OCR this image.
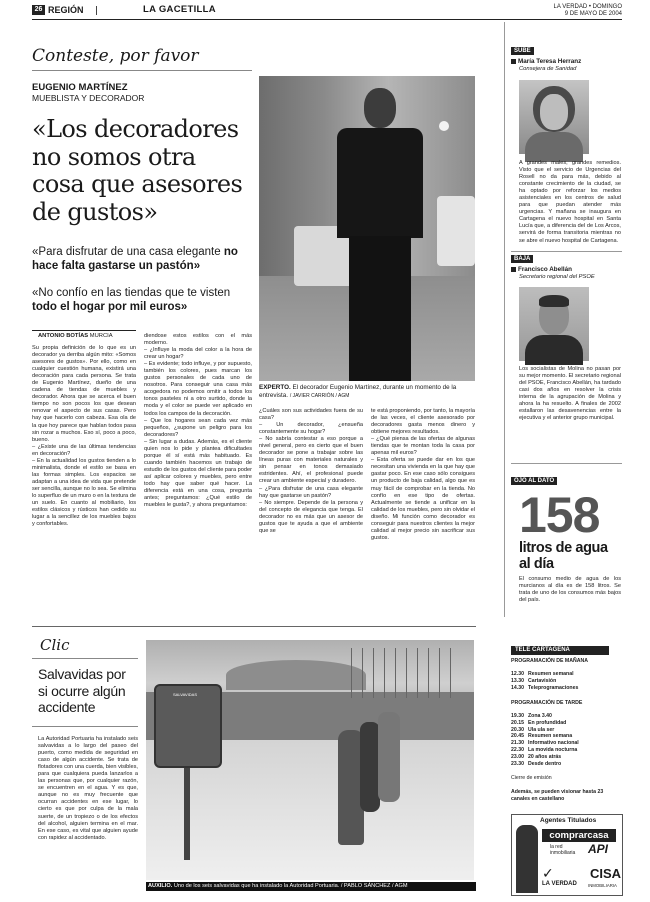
26 REGIÓN	LA GACETILLA	LA VERDAD • DOMINGO
9 DE MAYO DE 2004
Conteste, por favor
EUGENIO MARTÍNEZ
MUEBLISTA Y DECORADOR
«Los decoradores no somos otra cosa que asesores de gustos»
«Para disfrutar de una casa elegante no hace falta gastarse un pastón»
«No confío en las tiendas que te visten todo el hogar por mil euros»
ANTONIO BOTÍAS MURCIA
Su propia definición de lo que es un decorador ya derriba algún mito: «Somos asesores de gustos». Por ello, como en cualquier cuestión humana, existirá una decoración para cada persona. Se trata de Eugenio Martínez, dueño de una cadena de tiendas de muebles y decorador. Ahora que se acerca el buen tiempo no son pocos los que desean renovar el aspecto de sus casas. Pero hay que hacerlo con cabeza. Esa ola de la que hoy parece que hablan todos pasa sin rozar a muchos. Eso sí, poco a poco, bueno.
– ¿Existe una de las últimas tendencias en decoración?
– En la actualidad los gustos tienden a lo minimalista, donde el estilo se basa en las formas simples. Los espacios se adaptan a una idea de vida que pretende ser sencilla, aunque no lo sea. Se elimina lo superfluo de un muro o en la textura de un suelo. En cuanto al mobiliario, los estilos clásicos y rústicos han cedido su lugar a la sencillez de los muebles bajos y confortables.
diendose estos estilos con el más moderno.
– ¿Influye la moda del color a la hora de crear un hogar?
– Es evidente; todo influye, y por supuesto, también los colores, pues marcan los gustos personales de cada uno de nosotros. Para conseguir una casa más acogedora no podemos omitir a todos los tonos pasteles ni a otro surtido, donde la moda y el color se puede ver aplicado en todos los campos de la decoración.
– Que los hogares sean cada vez más pequeños, ¿supone un peligro para los decoradores?
– Sin lugar a dudas. Además, es el cliente quien nos lo pide y plantea dificultades porque él sí está más habituado. Es cuando también hacemos un trabajo de estudio de los gustos del cliente para poder así aplicar colores y muebles, pero entre todo hay que saber qué hacer. La diferencia está en una cosa, pregunta antes; preguntamos: ¿Qué estilo de muebles le gusta?, y ahora preguntamos:
EXPERTO. El decorador Eugenio Martínez, durante un momento de la entrevista. / JAVIER CARRIÓN / AGM
¿Cuáles son sus actividades fuera de su casa?
– Un decorador, ¿ensueña constantemente su hogar?
– No sabría contestar a eso porque a nivel general, pero es cierto que el buen decorador se pone a trabajar sobre las líneas puras con materiales naturales y sin pensar en tonos demasiado estridentes. Ahí, el profesional puede crear un ambiente especial y duradero.
– ¿Para disfrutar de una casa elegante hay que gastarse un pastón?
– No siempre. Depende de la persona y del concepto de elegancia que tenga. El decorador no es más que un asesor de gustos que te ayuda a que el ambiente que se
te está proponiendo, por tanto, la mayoría de las veces, el cliente asesorado por decoradores gasta menos dinero y obtiene mejores resultados.
– ¿Qué piensa de las ofertas de algunas tiendas que te montan toda la casa por apenas mil euros?
– Esta oferta se puede dar en los que necesitan una vivienda en la que hay que gastar poco. En ese caso sólo consigues un producto de baja calidad, algo que es muy fácil de comprobar en la tienda. No confío en ese tipo de ofertas. Actualmente se tiende a unificar en la calidad de los muebles, pero sin olvidar el diseño. Mi función como decorador es conseguir para nuestros clientes la mejor calidad al mejor precio sin sacrificar sus gustos.
SUBE
María Teresa Herranz
Consejera de Sanidad
A grandes males, grandes remedios. Visto que el servicio de Urgencias del Rosell no da para más, debido al constante crecimiento de la ciudad, se ha optado por reforzar los medios asistenciales en los centros de salud para que puedan atender más urgencias. Y mañana se inaugura en Cartagena el nuevo hospital en Santa Lucía que, a diferencia del de Los Arcos, servirá de forma transitoria mientras no se abre el nuevo hospital de Cartagena.
BAJA
Francisco Abellán
Secretario regional del PSOE
Los socialistas de Molina no pasan por su mejor momento. El secretario regional del PSOE, Francisco Abellán, ha tardado casi dos años en resolver la crisis interna de la agrupación de Molina y ahora la ha resuelto. A finales de 2002 estallaron las desavenencias entre la ejecutiva y el anterior grupo municipal.
OJO AL DATO
158
litros de agua al día
El consumo medio de agua de los murcianos al día es de 158 litros. Se trata de uno de los consumos más bajos del país.
Clic
Salvavidas por si ocurre algún accidente
La Autoridad Portuaria ha instalado seis salvavidas a lo largo del paseo del puerto, como medida de seguridad en caso de algún accidente. Se trata de flotadores con una cuerda, bien visibles, para que cualquiera pueda lanzarlos a las personas que, por cualquier razón, se encuentren en el agua. Y es que, aunque no es muy frecuente que ocurran accidentes en ese lugar, lo cierto es que por culpa de la mala suerte, de un tropiezo o de los efectos del alcohol, alguien termina en el mar. En ese caso, es vital que alguien ayude con rapidez al accidentado.
SALVAVIDAS
AUXILIO. Uno de los seis salvavidas que ha instalado la Autoridad Portuaria. / PABLO SÁNCHEZ / AGM
TELE CARTAGENA
PROGRAMACIÓN DE MAÑANA
12.30 Resumen semanal
13.30 Cartavisión
14.30 Teleprogramaciones
PROGRAMACIÓN DE TARDE
19.30 Zona 3.40
20.15 En profundidad
20.30 Ula ula ser
20.45 Resumen semana
21.30 Informativo nacional
22.30 La movida nocturna
23.00 20 años atrás
23.30 Desde dentro
Cierre de emisión
Además, se pueden visionar hasta 23 canales en castellano
Agentes Titulados
comprarcasa
la red
inmobiliaria API
✓
LA VERDAD
CISA
INMOBILIARIA
